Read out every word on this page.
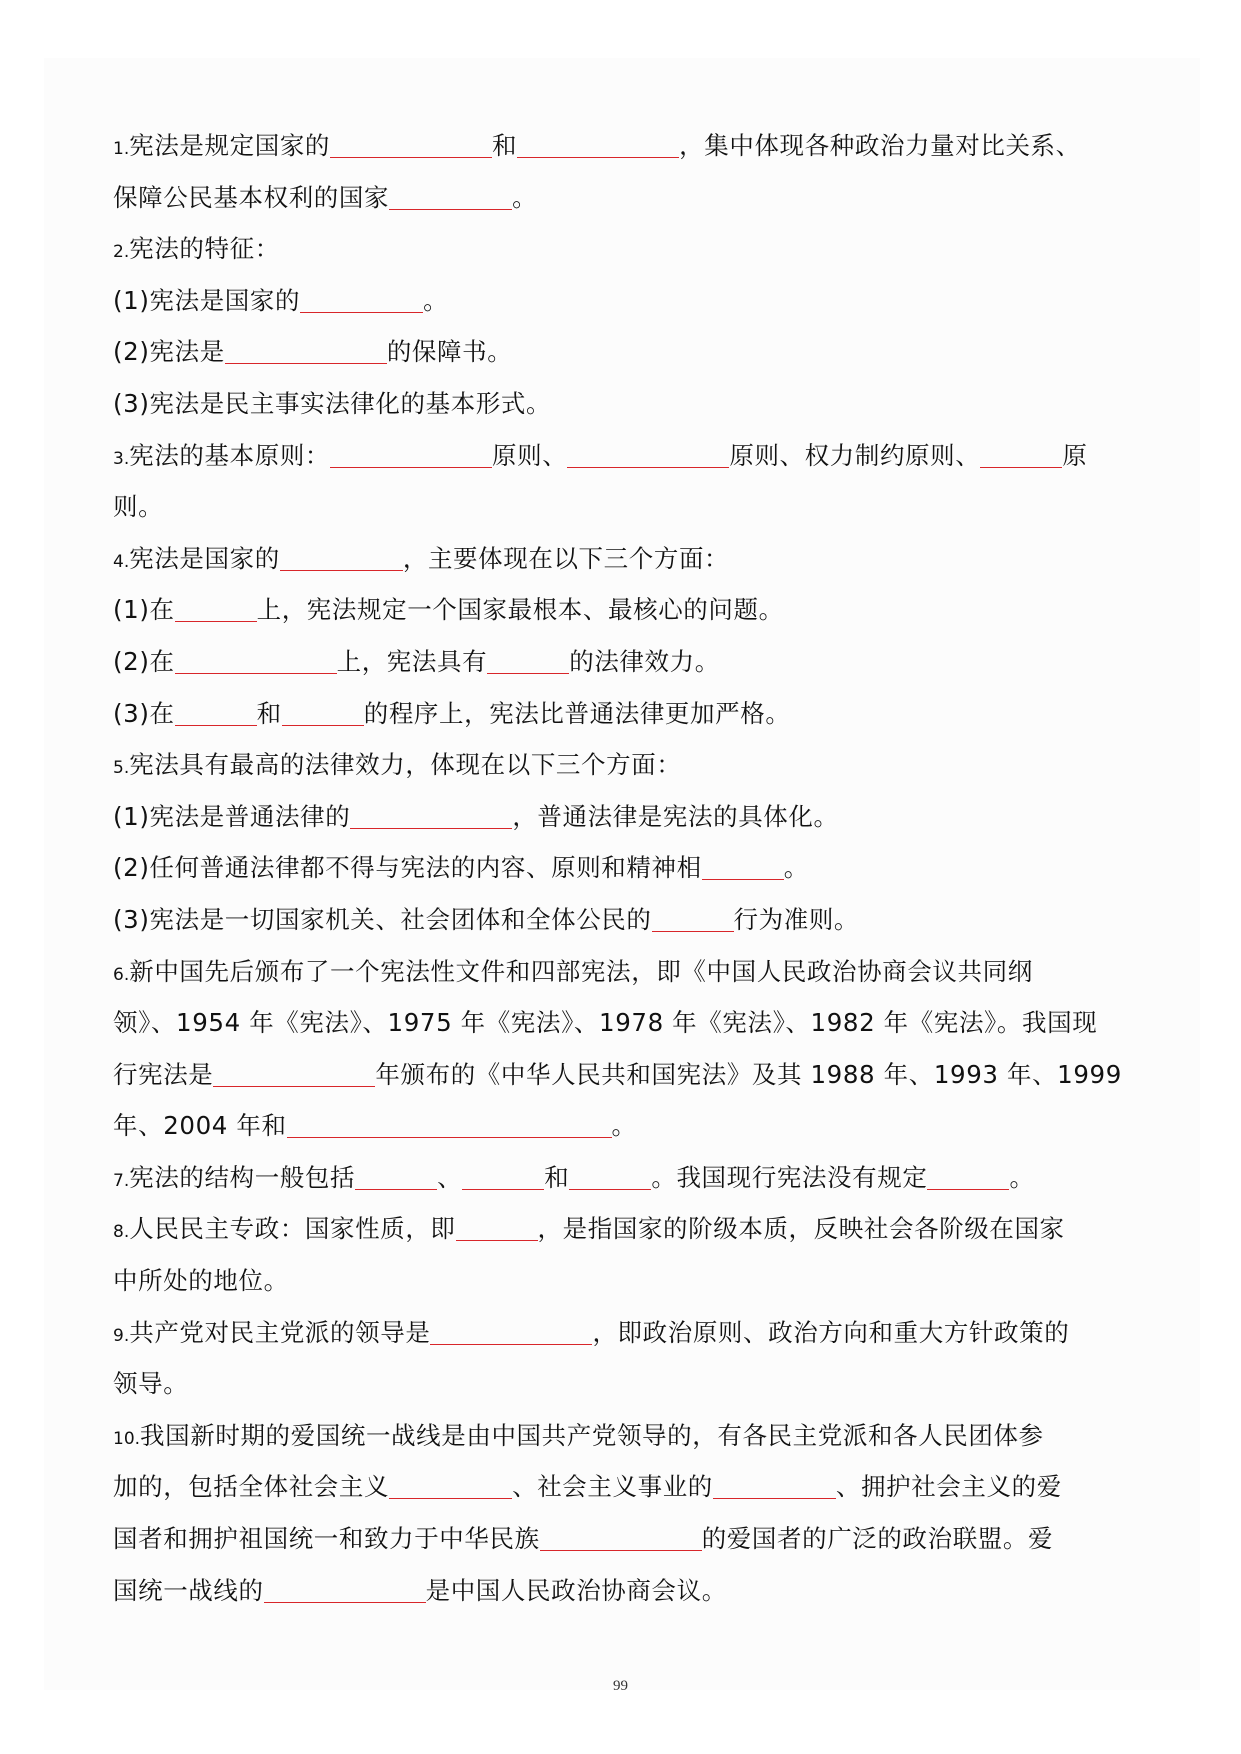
1.宪法是规定国家的	和	，集中体现各种政治力量对比关系、
保障公民基本权利的国家	。
2.宪法的特征：
(1)宪法是国家的	。
(2)宪法是	的保障书。
(3)宪法是民主事实法律化的基本形式。
3.宪法的基本原则：	原则、	原则、权力制约原则、	原
则。
4.宪法是国家的	，主要体现在以下三个方面：
(1)在	上，宪法规定一个国家最根本、最核心的问题。
(2)在	上，宪法具有	的法律效力。
(3)在	和	的程序上，宪法比普通法律更加严格。
5.宪法具有最高的法律效力，体现在以下三个方面：
(1)宪法是普通法律的	，普通法律是宪法的具体化。
(2)任何普通法律都不得与宪法的内容、原则和精神相	。
(3)宪法是一切国家机关、社会团体和全体公民的	行为准则。
6.新中国先后颁布了一个宪法性文件和四部宪法，即《中国人民政治协商会议共同纲
领》、1954 年《宪法》、1975 年《宪法》、1978 年《宪法》、1982 年《宪法》。我国现
行宪法是	年颁布的《中华人民共和国宪法》及其 1988 年、1993 年、1999
年、2004 年和	。
7.宪法的结构一般包括	、	和	。我国现行宪法没有规定	。
8.人民民主专政：国家性质，即	，是指国家的阶级本质，反映社会各阶级在国家
中所处的地位。
9.共产党对民主党派的领导是	，即政治原则、政治方向和重大方针政策的
领导。
10.我国新时期的爱国统一战线是由中国共产党领导的，有各民主党派和各人民团体参
加的，包括全体社会主义	、社会主义事业的	、拥护社会主义的爱
国者和拥护祖国统一和致力于中华民族	的爱国者的广泛的政治联盟。爱
国统一战线的	是中国人民政治协商会议。
99
